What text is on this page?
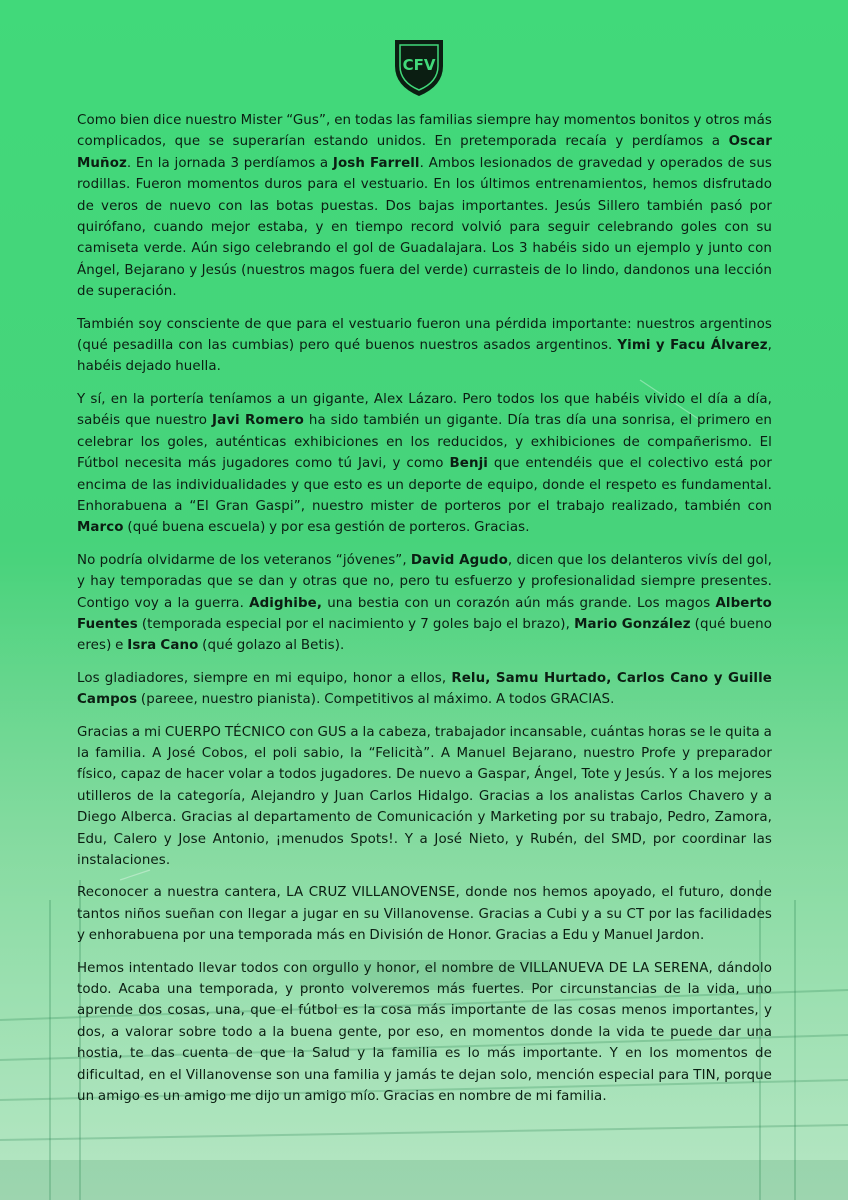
CFV

Como bien dice nuestro Mister “Gus”, en todas las familias siempre hay momentos bonitos y otros más complicados, que se superarían estando unidos. En pretemporada recaía y perdíamos a Oscar Muñoz. En la jornada 3 perdíamos a Josh Farrell. Ambos lesionados de gravedad y operados de sus rodillas. Fueron momentos duros para el vestuario. En los últimos entrenamientos, hemos disfrutado de veros de nuevo con las botas puestas. Dos bajas importantes. Jesús Sillero también pasó por quirófano, cuando mejor estaba, y en tiempo record volvió para seguir celebrando goles con su camiseta verde. Aún sigo celebrando el gol de Guadalajara. Los 3 habéis sido un ejemplo y junto con Ángel, Bejarano y Jesús (nuestros magos fuera del verde) currasteis de lo lindo, dandonos una lección de superación.

También soy consciente de que para el vestuario fueron una pérdida importante: nuestros argentinos (qué pesadilla con las cumbias) pero qué buenos nuestros asados argentinos. Yimi y Facu Álvarez, habéis dejado huella.

Y sí, en la portería teníamos a un gigante, Alex Lázaro. Pero todos los que habéis vivido el día a día, sabéis que nuestro Javi Romero ha sido también un gigante. Día tras día una sonrisa, el primero en celebrar los goles, auténticas exhibiciones en los reducidos, y exhibiciones de compañerismo. El Fútbol necesita más jugadores como tú Javi, y como Benji que entendéis que el colectivo está por encima de las individualidades y que esto es un deporte de equipo, donde el respeto es fundamental. Enhorabuena a “El Gran Gaspi”, nuestro mister de porteros por el trabajo realizado, también con Marco (qué buena escuela) y por esa gestión de porteros. Gracias.

No podría olvidarme de los veteranos “jóvenes”, David Agudo, dicen que los delanteros vivís del gol, y hay temporadas que se dan y otras que no, pero tu esfuerzo y profesionalidad siempre presentes. Contigo voy a la guerra. Adighibe, una bestia con un corazón aún más grande. Los magos Alberto Fuentes (temporada especial por el nacimiento y 7 goles bajo el brazo), Mario González (qué bueno eres) e Isra Cano (qué golazo al Betis).

Los gladiadores, siempre en mi equipo, honor a ellos, Relu, Samu Hurtado, Carlos Cano y Guille Campos (pareee, nuestro pianista). Competitivos al máximo. A todos GRACIAS.

Gracias a mi CUERPO TÉCNICO con GUS a la cabeza, trabajador incansable, cuántas horas se le quita a la familia. A José Cobos, el poli sabio, la “Felicità”. A Manuel Bejarano, nuestro Profe y preparador físico, capaz de hacer volar a todos jugadores. De nuevo a Gaspar, Ángel, Tote y Jesús. Y a los mejores utilleros de la categoría, Alejandro y Juan Carlos Hidalgo. Gracias a los analistas Carlos Chavero y a Diego Alberca. Gracias al departamento de Comunicación y Marketing por su trabajo, Pedro, Zamora, Edu, Calero y Jose Antonio, ¡menudos Spots!. Y a José Nieto, y Rubén, del SMD, por coordinar las instalaciones.

Reconocer a nuestra cantera, LA CRUZ VILLANOVENSE, donde nos hemos apoyado, el futuro, donde tantos niños sueñan con llegar a jugar en su Villanovense. Gracias a Cubi y a su CT por las facilidades y enhorabuena por una temporada más en División de Honor. Gracias a Edu y Manuel Jardon.

Hemos intentado llevar todos con orgullo y honor, el nombre de VILLANUEVA DE LA SERENA, dándolo todo. Acaba una temporada, y pronto volveremos más fuertes. Por circunstancias de la vida, uno aprende dos cosas, una, que el fútbol es la cosa más importante de las cosas menos importantes, y dos, a valorar sobre todo a la buena gente, por eso, en momentos donde la vida te puede dar una hostia, te das cuenta de que la Salud y la familia es lo más importante. Y en los momentos de dificultad, en el Villanovense son una familia y jamás te dejan solo, mención especial para TIN, porque un amigo es un amigo me dijo un amigo mío. Gracias en nombre de mi familia.
